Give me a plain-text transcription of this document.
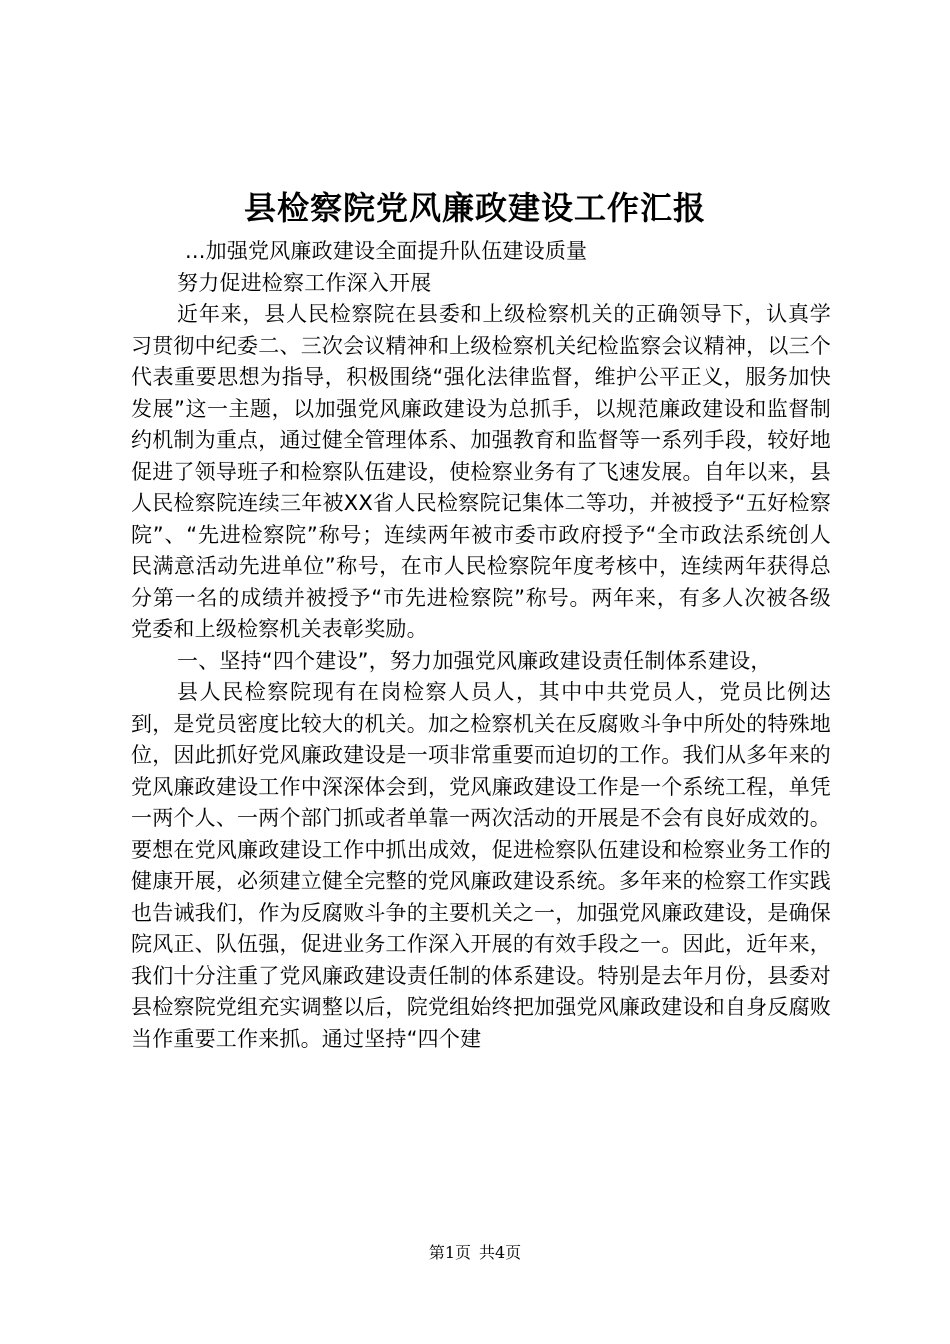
县检察院党风廉政建设工作汇报

...加强党风廉政建设全面提升队伍建设质量

努力促进检察工作深入开展

近年来，县人民检察院在县委和上级检察机关的正确领导下，认真学习贯彻中纪委二、三次会议精神和上级检察机关纪检监察会议精神，以三个代表重要思想为指导，积极围绕“强化法律监督，维护公平正义，服务加快发展”这一主题，以加强党风廉政建设为总抓手，以规范廉政建设和监督制约机制为重点，通过健全管理体系、加强教育和监督等一系列手段，较好地促进了领导班子和检察队伍建设，使检察业务有了飞速发展。自年以来，县人民检察院连续三年被XX省人民检察院记集体二等功，并被授予“五好检察院”、“先进检察院”称号；连续两年被市委市政府授予“全市政法系统创人民满意活动先进单位”称号，在市人民检察院年度考核中，连续两年获得总分第一名的成绩并被授予“市先进检察院”称号。两年来，有多人次被各级党委和上级检察机关表彰奖励。

一、坚持“四个建设”，努力加强党风廉政建设责任制体系建设，

县人民检察院现有在岗检察人员人，其中中共党员人，党员比例达到，是党员密度比较大的机关。加之检察机关在反腐败斗争中所处的特殊地位，因此抓好党风廉政建设是一项非常重要而迫切的工作。我们从多年来的党风廉政建设工作中深深体会到，党风廉政建设工作是一个系统工程，单凭一两个人、一两个部门抓或者单靠一两次活动的开展是不会有良好成效的。要想在党风廉政建设工作中抓出成效，促进检察队伍建设和检察业务工作的健康开展，必须建立健全完整的党风廉政建设系统。多年来的检察工作实践也告诫我们，作为反腐败斗争的主要机关之一，加强党风廉政建设，是确保院风正、队伍强，促进业务工作深入开展的有效手段之一。因此，近年来，我们十分注重了党风廉政建设责任制的体系建设。特别是去年月份，县委对县检察院党组充实调整以后，院党组始终把加强党风廉政建设和自身反腐败当作重要工作来抓。通过坚持“四个建

第1页 共4页
